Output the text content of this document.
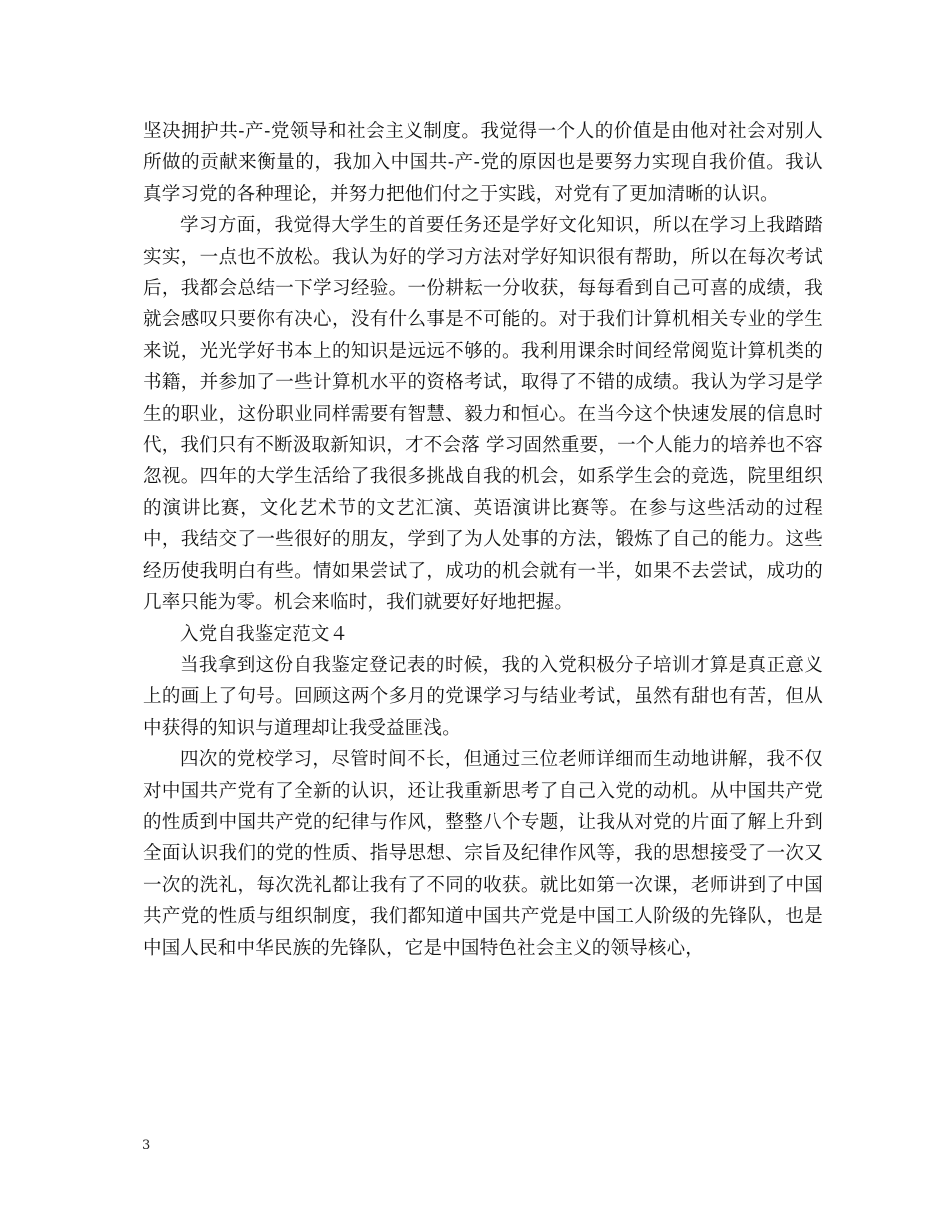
坚决拥护共-产-党领导和社会主义制度。我觉得一个人的价值是由他对社会对别人所做的贡献来衡量的，我加入中国共-产-党的原因也是要努力实现自我价值。我认真学习党的各种理论，并努力把他们付之于实践，对党有了更加清晰的认识。

学习方面，我觉得大学生的首要任务还是学好文化知识，所以在学习上我踏踏实实，一点也不放松。我认为好的学习方法对学好知识很有帮助，所以在每次考试后，我都会总结一下学习经验。一份耕耘一分收获，每每看到自己可喜的成绩，我就会感叹只要你有决心，没有什么事是不可能的。对于我们计算机相关专业的学生来说，光光学好书本上的知识是远远不够的。我利用课余时间经常阅览计算机类的书籍，并参加了一些计算机水平的资格考试，取得了不错的成绩。我认为学习是学生的职业，这份职业同样需要有智慧、毅力和恒心。在当今这个快速发展的信息时代，我们只有不断汲取新知识，才不会落 学习固然重要，一个人能力的培养也不容忽视。四年的大学生活给了我很多挑战自我的机会，如系学生会的竞选，院里组织的演讲比赛，文化艺术节的文艺汇演、英语演讲比赛等。在参与这些活动的过程中，我结交了一些很好的朋友，学到了为人处事的方法，锻炼了自己的能力。这些经历使我明白有些。情如果尝试了，成功的机会就有一半，如果不去尝试，成功的几率只能为零。机会来临时，我们就要好好地把握。

入党自我鉴定范文４

当我拿到这份自我鉴定登记表的时候，我的入党积极分子培训才算是真正意义上的画上了句号。回顾这两个多月的党课学习与结业考试，虽然有甜也有苦，但从中获得的知识与道理却让我受益匪浅。

四次的党校学习，尽管时间不长，但通过三位老师详细而生动地讲解，我不仅对中国共产党有了全新的认识，还让我重新思考了自己入党的动机。从中国共产党的性质到中国共产党的纪律与作风，整整八个专题，让我从对党的片面了解上升到全面认识我们的党的性质、指导思想、宗旨及纪律作风等，我的思想接受了一次又一次的洗礼，每次洗礼都让我有了不同的收获。就比如第一次课，老师讲到了中国共产党的性质与组织制度，我们都知道中国共产党是中国工人阶级的先锋队，也是中国人民和中华民族的先锋队，它是中国特色社会主义的领导核心，

3
